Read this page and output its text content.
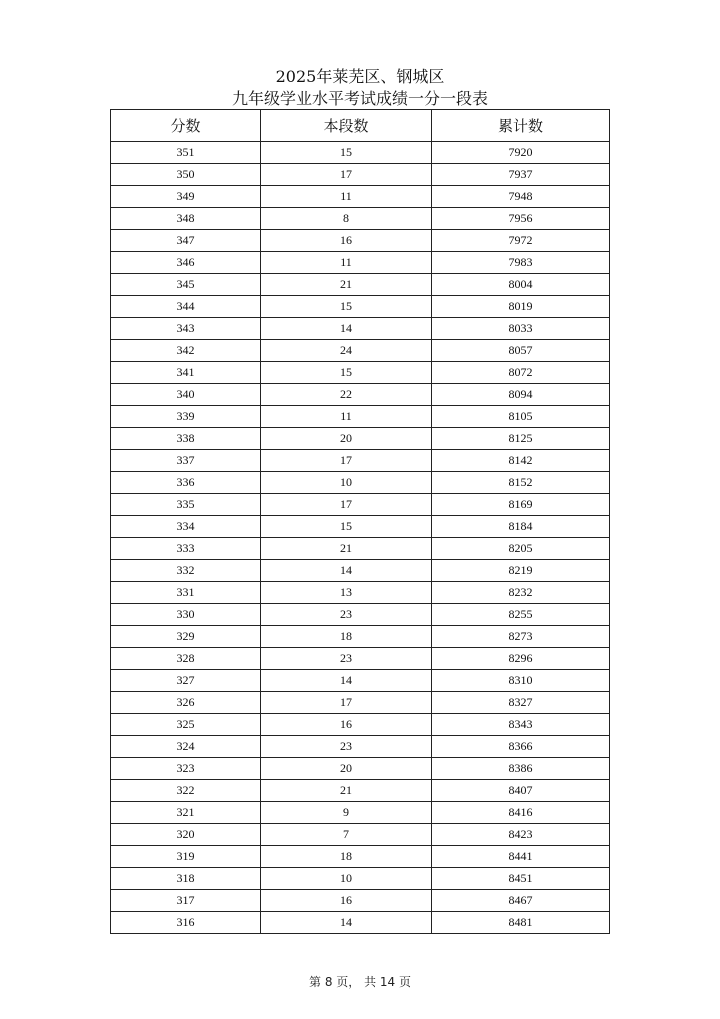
2025年莱芜区、钢城区
九年级学业水平考试成绩一分一段表
分数	本段数	累计数
351	15	7920
350	17	7937
349	11	7948
348	8	7956
347	16	7972
346	11	7983
345	21	8004
344	15	8019
343	14	8033
342	24	8057
341	15	8072
340	22	8094
339	11	8105
338	20	8125
337	17	8142
336	10	8152
335	17	8169
334	15	8184
333	21	8205
332	14	8219
331	13	8232
330	23	8255
329	18	8273
328	23	8296
327	14	8310
326	17	8327
325	16	8343
324	23	8366
323	20	8386
322	21	8407
321	9	8416
320	7	8423
319	18	8441
318	10	8451
317	16	8467
316	14	8481
第 8 页， 共 14 页
